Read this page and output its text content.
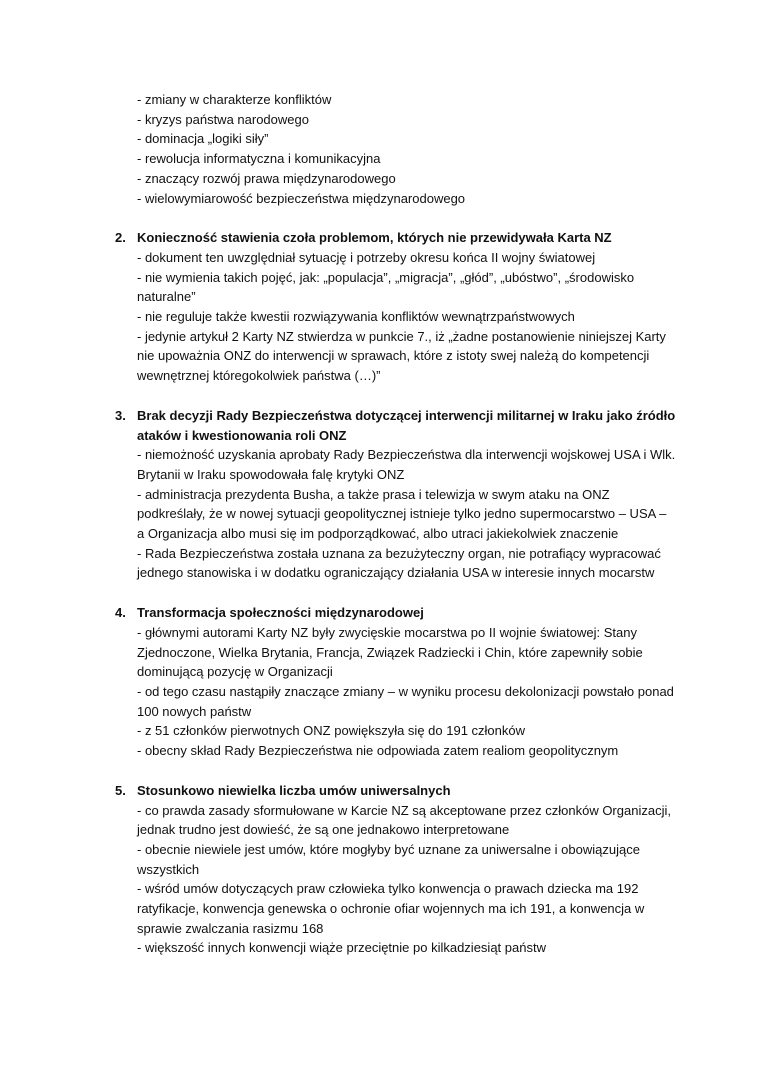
- zmiany w charakterze konfliktów
- kryzys państwa narodowego
- dominacja „logiki siły”
- rewolucja informatyczna i komunikacyjna
- znaczący rozwój prawa międzynarodowego
- wielowymiarowość bezpieczeństwa międzynarodowego
2. Konieczność stawienia czoła problemom, których nie przewidywała Karta NZ
- dokument ten uwzględniał sytuację i potrzeby okresu końca II wojny światowej
- nie wymienia takich pojęć, jak: „populacja”, „migracja”, „głód”, „ubóstwo”, „środowisko
naturalne”
- nie reguluje także kwestii rozwiązywania konfliktów wewnątrzpaństwowych
- jedynie artykuł 2 Karty NZ stwierdza w punkcie 7., iż „żadne postanowienie niniejszej Karty
nie upoważnia ONZ do interwencji w sprawach, które z istoty swej należą do kompetencji
wewnętrznej któregokolwiek państwa (…)”
3. Brak decyzji Rady Bezpieczeństwa dotyczącej interwencji militarnej w Iraku jako źródło
ataków i kwestionowania roli ONZ
- niemożność uzyskania aprobaty Rady Bezpieczeństwa dla interwencji wojskowej USA i Wlk.
Brytanii w Iraku spowodowała falę krytyki ONZ
- administracja prezydenta Busha, a także prasa i telewizja w swym ataku na ONZ
podkreślały, że w nowej sytuacji geopolitycznej istnieje tylko jedno supermocarstwo – USA –
a Organizacja albo musi się im podporządkować, albo utraci jakiekolwiek znaczenie
- Rada Bezpieczeństwa została uznana za bezużyteczny organ, nie potrafiący wypracować
jednego stanowiska i w dodatku ograniczający działania USA w interesie innych mocarstw
4. Transformacja społeczności międzynarodowej
- głównymi autorami Karty NZ były zwycięskie mocarstwa po II wojnie światowej: Stany
Zjednoczone, Wielka Brytania, Francja, Związek Radziecki i Chin, które zapewniły sobie
dominującą pozycję w Organizacji
- od tego czasu nastąpiły znaczące zmiany – w wyniku procesu dekolonizacji powstało ponad
100 nowych państw
- z 51 członków pierwotnych ONZ powiększyła się do 191 członków
- obecny skład Rady Bezpieczeństwa nie odpowiada zatem realiom geopolitycznym
5. Stosunkowo niewielka liczba umów uniwersalnych
- co prawda zasady sformułowane w Karcie NZ są akceptowane przez członków Organizacji,
jednak trudno jest dowieść, że są one jednakowo interpretowane
- obecnie niewiele jest umów, które mogłyby być uznane za uniwersalne i obowiązujące
wszystkich
- wśród umów dotyczących praw człowieka tylko konwencja o prawach dziecka ma 192
ratyfikacje, konwencja genewska o ochronie ofiar wojennych ma ich 191, a konwencja w
sprawie zwalczania rasizmu 168
- większość innych konwencji wiąże przeciętnie po kilkadziesiąt państw
